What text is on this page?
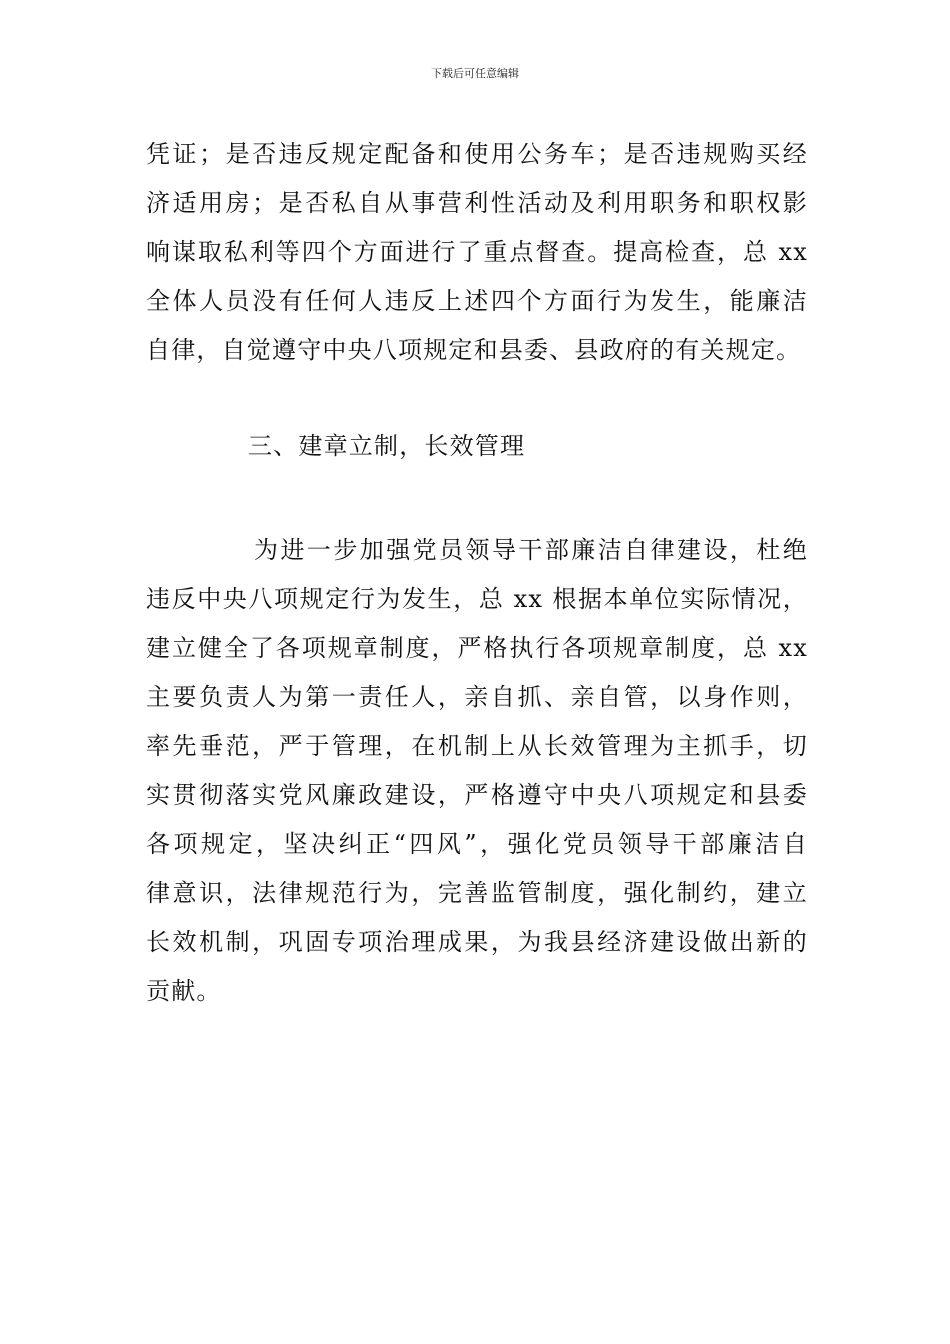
下载后可任意编辑
凭证；是否违反规定配备和使用公务车；是否违规购买经
济适用房；是否私自从事营利性活动及利用职务和职权影
响谋取私利等四个方面进行了重点督查。提高检查，总 xx
全体人员没有任何人违反上述四个方面行为发生，能廉洁
自律，自觉遵守中央八项规定和县委、县政府的有关规定。
三、建章立制，长效管理
为进一步加强党员领导干部廉洁自律建设，杜绝
违反中央八项规定行为发生，总 xx 根据本单位实际情况，
建立健全了各项规章制度，严格执行各项规章制度，总 xx
主要负责人为第一责任人，亲自抓、亲自管，以身作则，
率先垂范，严于管理，在机制上从长效管理为主抓手，切
实贯彻落实党风廉政建设，严格遵守中央八项规定和县委
各项规定，坚决纠正“四风”，强化党员领导干部廉洁自
律意识，法律规范行为，完善监管制度，强化制约，建立
长效机制，巩固专项治理成果，为我县经济建设做出新的
贡献。
